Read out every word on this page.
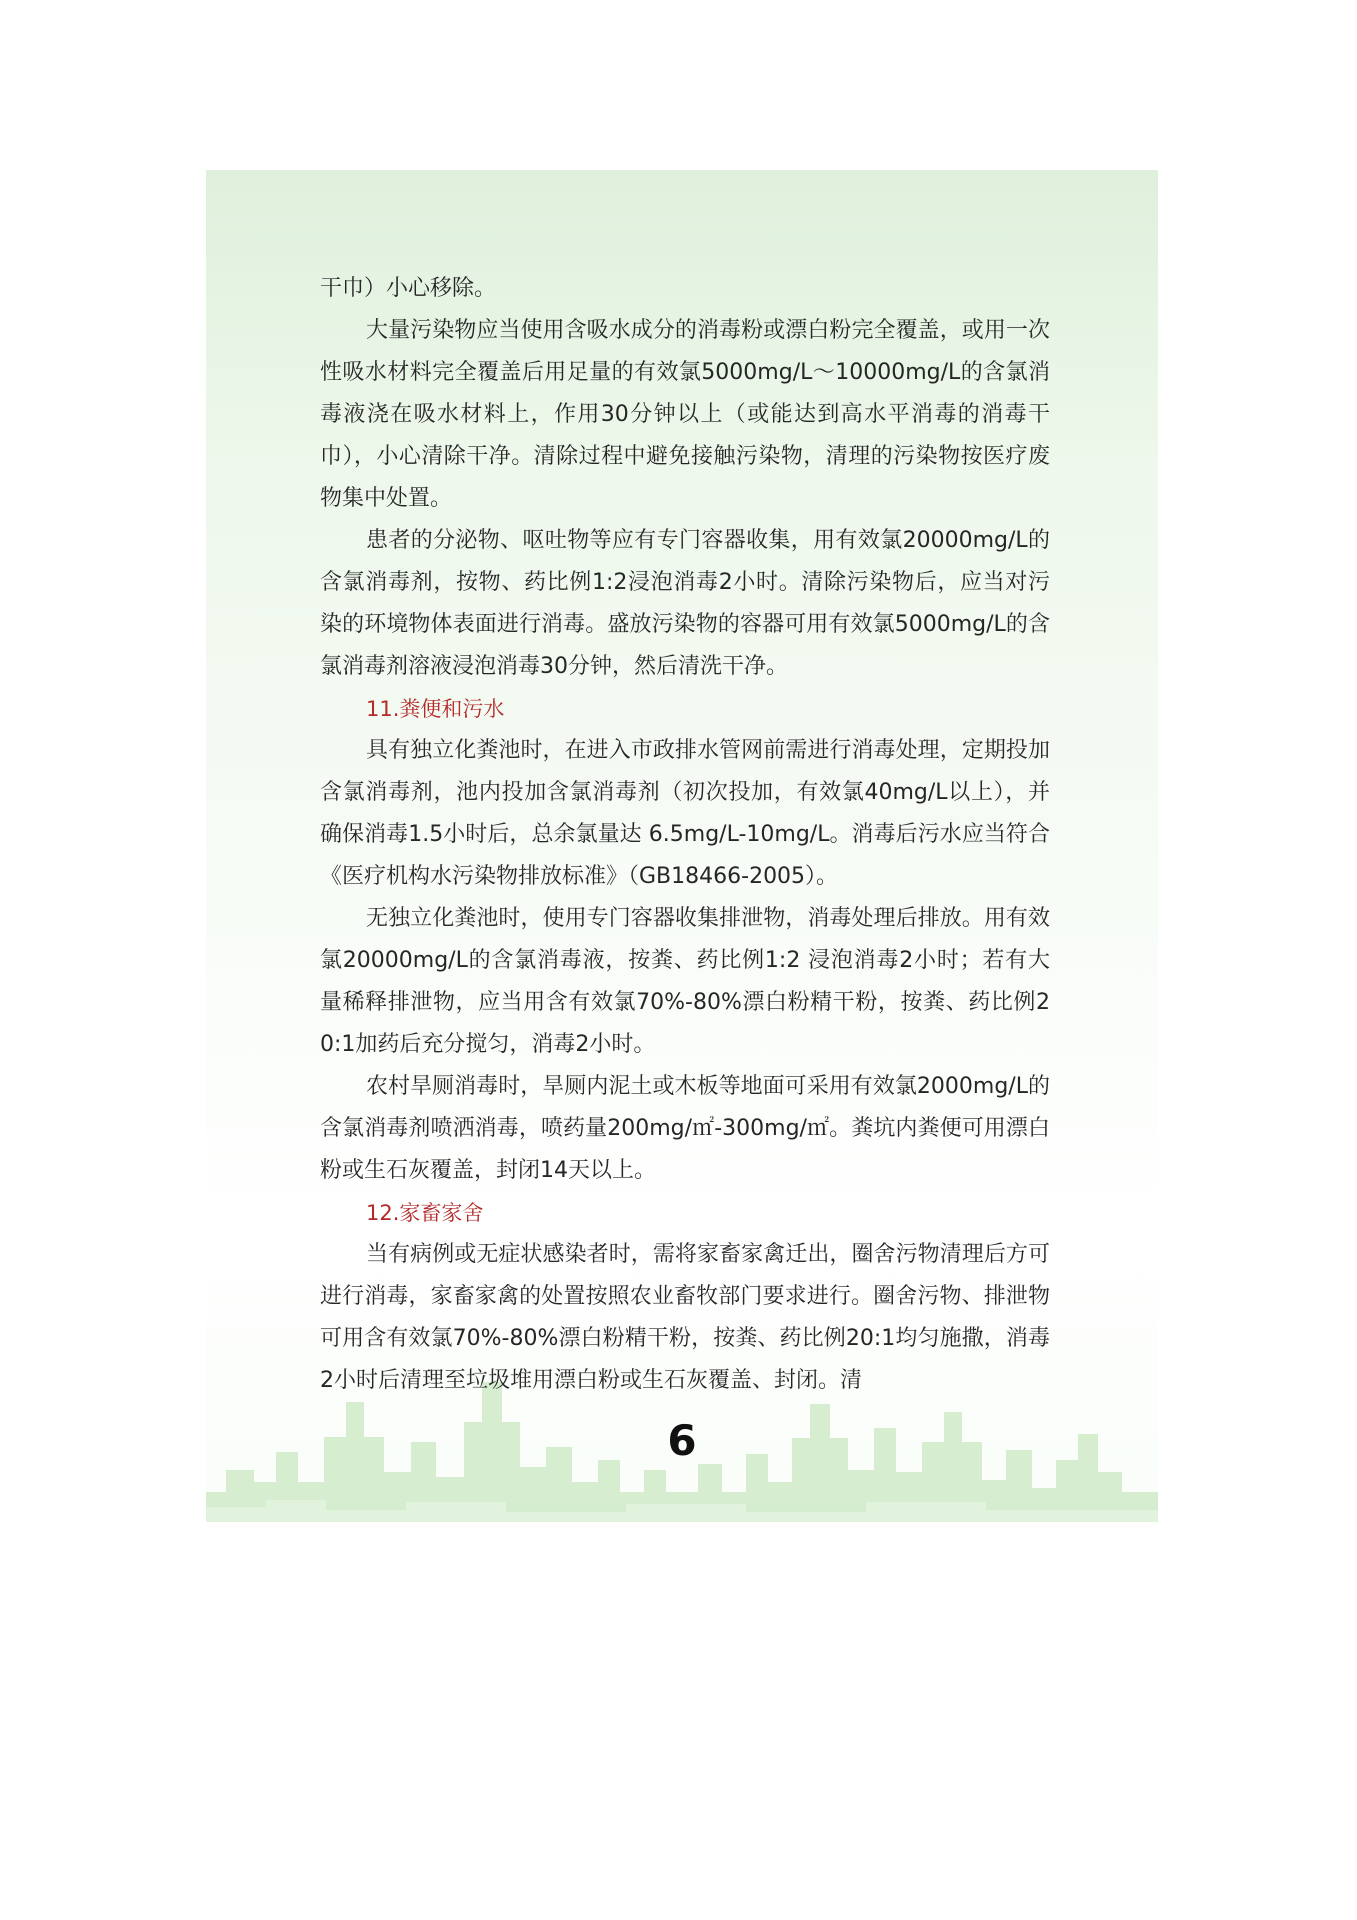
干巾）小心移除。

大量污染物应当使用含吸水成分的消毒粉或漂白粉完全覆盖，或用一次性吸水材料完全覆盖后用足量的有效氯5000mg/L～10000mg/L的含氯消毒液浇在吸水材料上，作用30分钟以上（或能达到高水平消毒的消毒干巾），小心清除干净。清除过程中避免接触污染物，清理的污染物按医疗废物集中处置。

患者的分泌物、呕吐物等应有专门容器收集，用有效氯20000mg/L的含氯消毒剂，按物、药比例1:2浸泡消毒2小时。清除污染物后，应当对污染的环境物体表面进行消毒。盛放污染物的容器可用有效氯5000mg/L的含氯消毒剂溶液浸泡消毒30分钟，然后清洗干净。

11.粪便和污水

具有独立化粪池时，在进入市政排水管网前需进行消毒处理，定期投加含氯消毒剂，池内投加含氯消毒剂（初次投加，有效氯40mg/L以上），并确保消毒1.5小时后，总余氯量达 6.5mg/L-10mg/L。消毒后污水应当符合《医疗机构水污染物排放标准》（GB18466-2005）。

无独立化粪池时，使用专门容器收集排泄物，消毒处理后排放。用有效氯20000mg/L的含氯消毒液，按粪、药比例1:2 浸泡消毒2小时；若有大量稀释排泄物，应当用含有效氯70%-80%漂白粉精干粉，按粪、药比例20:1加药后充分搅匀，消毒2小时。

农村旱厕消毒时，旱厕内泥土或木板等地面可采用有效氯2000mg/L的含氯消毒剂喷洒消毒，喷药量200mg/㎡-300mg/㎡。粪坑内粪便可用漂白粉或生石灰覆盖，封闭14天以上。

12.家畜家舍

当有病例或无症状感染者时，需将家畜家禽迁出，圈舍污物清理后方可进行消毒，家畜家禽的处置按照农业畜牧部门要求进行。圈舍污物、排泄物可用含有效氯70%-80%漂白粉精干粉，按粪、药比例20:1均匀施撒，消毒2小时后清理至垃圾堆用漂白粉或生石灰覆盖、封闭。清

6
